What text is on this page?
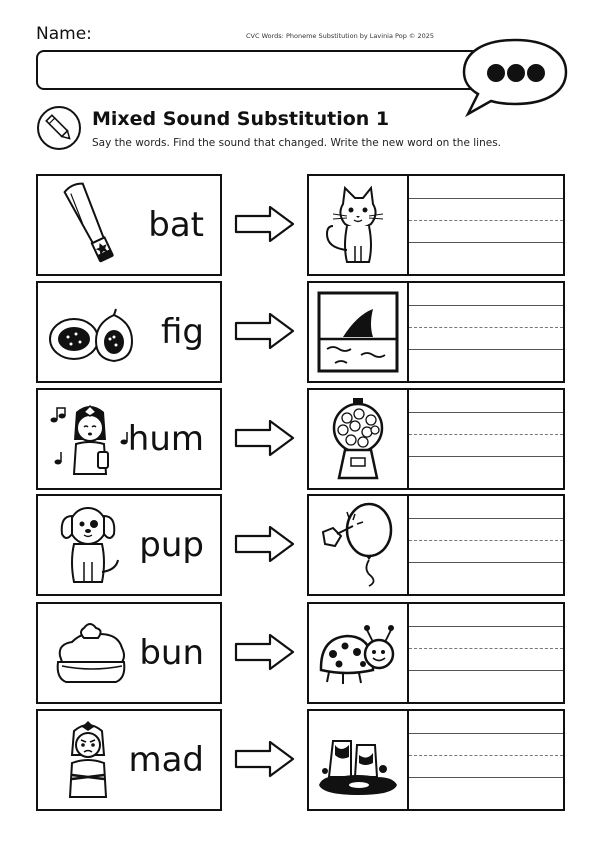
Name:	CVC Words: Phoneme Substitution by Lavinia Pop © 2025
Mixed Sound Substitution 1
Say the words. Find the sound that changed. Write the new word on the lines.
bat
fig
hum
pup
bun
mad
